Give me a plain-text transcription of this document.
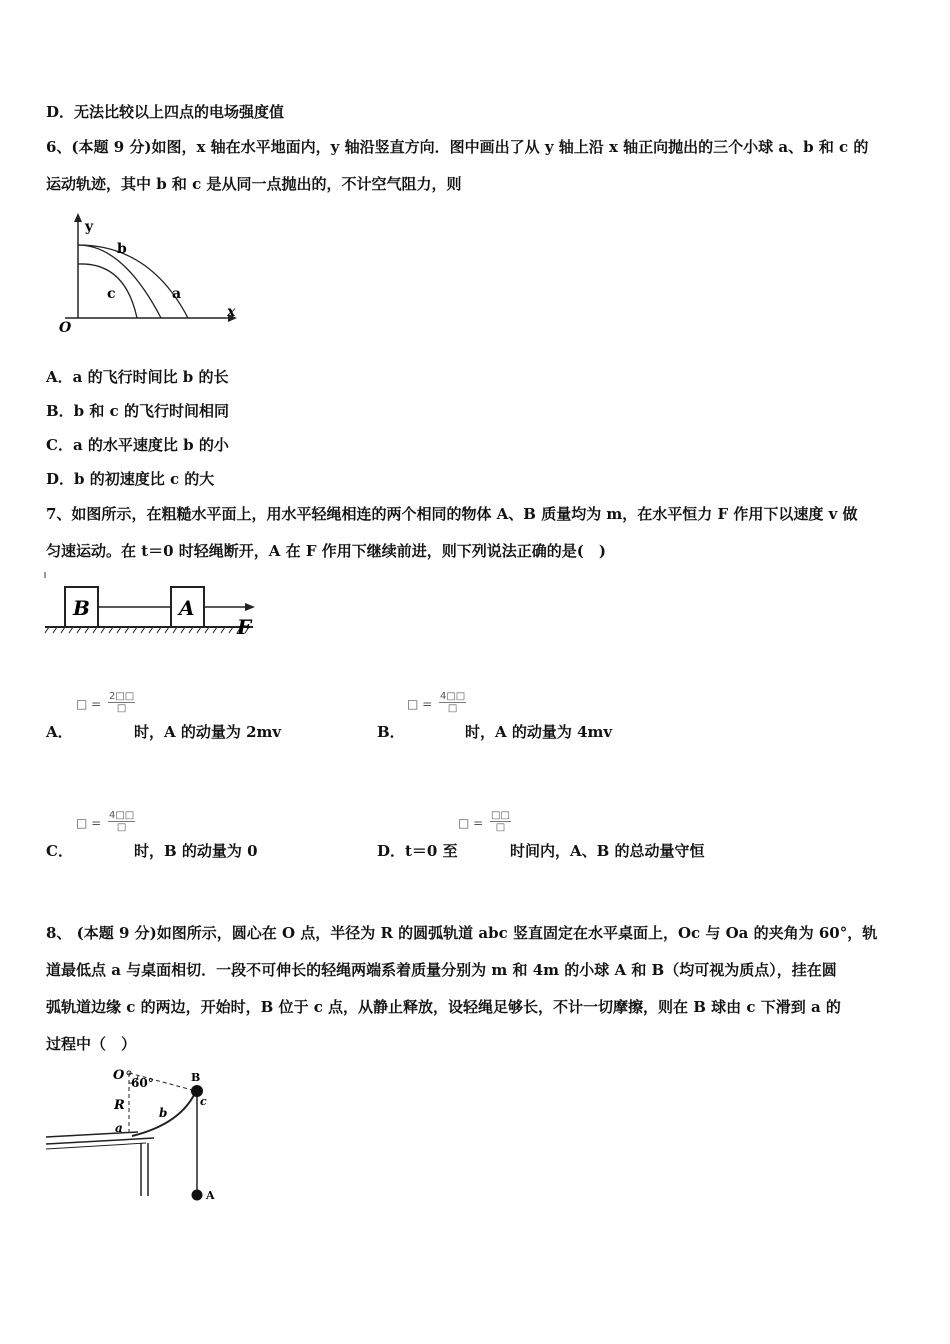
D．无法比较以上四点的电场强度值
6、(本题 9 分)如图，x 轴在水平地面内，y 轴沿竖直方向．图中画出了从 y 轴上沿 x 轴正向抛出的三个小球 a、b 和 c 的
运动轨迹，其中 b 和 c 是从同一点抛出的，不计空气阻力，则
y
x
O
b
c	a
A．a 的飞行时间比 b 的长
B．b 和 c 的飞行时间相同
C．a 的水平速度比 b 的小
D．b 的初速度比 c 的大
7、如图所示，在粗糙水平面上，用水平轻绳相连的两个相同的物体 A、B 质量均为 m，在水平恒力 F 作用下以速度 v 做
匀速运动。在 t＝0 时轻绳断开，A 在 F 作用下继续前进，则下列说法正确的是(　)
B	A
F
□ =
2□□
□
A．	时，A 的动量为 2mv
□ =
4□□
□
B．	时，A 的动量为 4mv
□ =
4□□
□
C．	时，B 的动量为 0
□ =
□□
□
D．t＝0 至	时间内，A、B 的总动量守恒
8、 (本题 9 分)如图所示，圆心在 O 点，半径为 R 的圆弧轨道 abc 竖直固定在水平桌面上，Oc 与 Oa 的夹角为 60°，轨
道最低点 a 与桌面相切．一段不可伸长的轻绳两端系着质量分别为 m 和 4m 的小球 A 和 B（均可视为质点），挂在圆
弧轨道边缘 c 的两边，开始时，B 位于 c 点，从静止释放，设轻绳足够长，不计一切摩擦，则在 B 球由 c 下滑到 a 的
过程中（　）
O 60°
R
a
b
c
B
A
